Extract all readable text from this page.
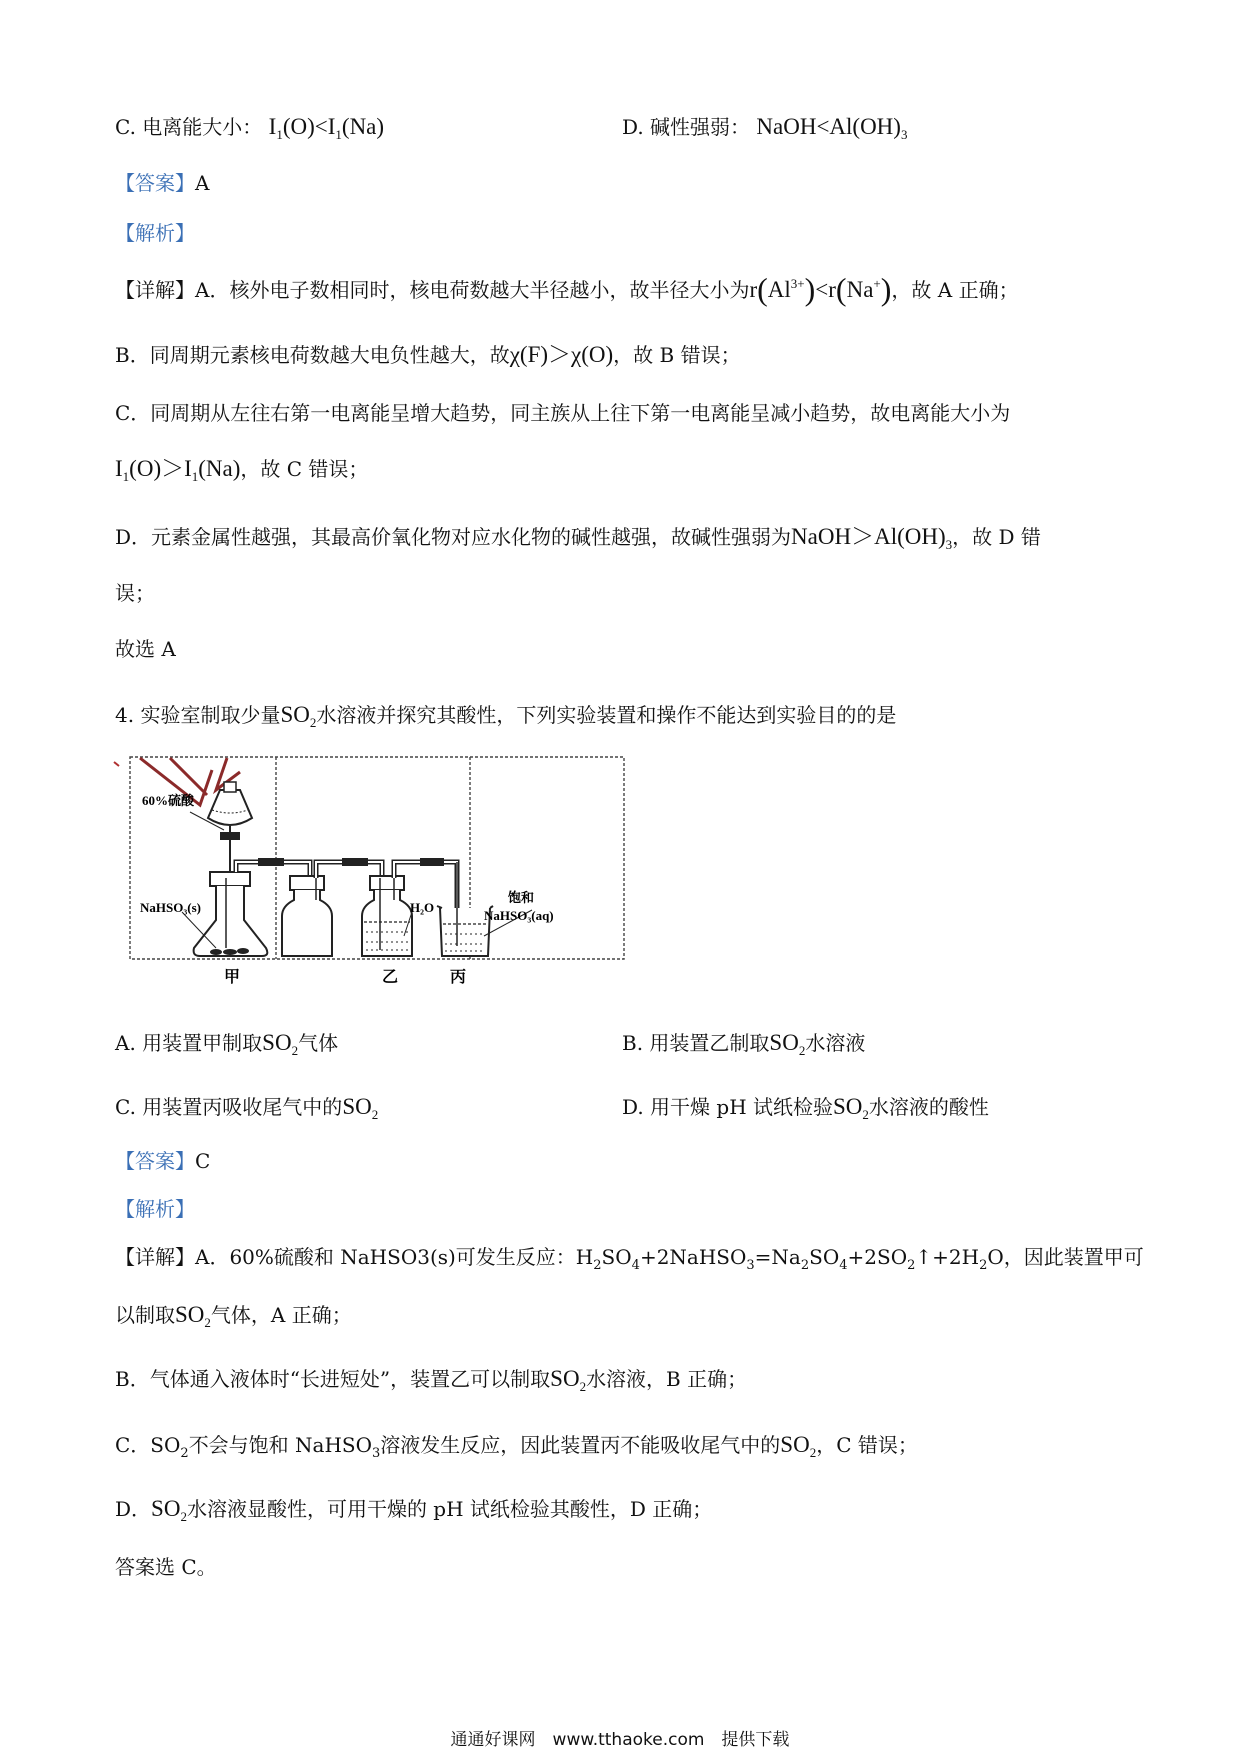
C. 电离能大小： $I_1(O)<I_1(Na)$	D. 碱性强弱： $NaOH<Al(OH)_3$
【答案】A
【解析】
【详解】A．核外电子数相同时，核电荷数越大半径越小，故半径大小为$r(Al^{3+})<r(Na^+)$，故 A 正确；
B．同周期元素核电荷数越大电负性越大，故χ(F)＞χ(O)，故 B 错误；
C．同周期从左往右第一电离能呈增大趋势，同主族从上往下第一电离能呈减小趋势，故电离能大小为
$I_1(O)>I_1(Na)$，故 C 错误；
D．元素金属性越强，其最高价氧化物对应水化物的碱性越强，故碱性强弱为$NaOH>Al(OH)_3$，故 D 错
误；
故选 A
4. 实验室制取少量$SO_2$水溶液并探究其酸性，下列实验装置和操作不能达到实验目的的是
60%硫酸
NaHSO₃(s)	H₂O
饱和
NaHSO₃(aq)
甲	乙	丙
A. 用装置甲制取$SO_2$气体	B. 用装置乙制取$SO_2$水溶液
C. 用装置丙吸收尾气中的$SO_2$	D. 用干燥 pH 试纸检验$SO_2$水溶液的酸性
【答案】C
【解析】
【详解】A．60%硫酸和 NaHSO3(s)可发生反应：$H_2SO_4+2NaHSO_3=Na_2SO_4+2SO_2↑+2H_2O$，因此装置甲可
以制取$SO_2$气体，A 正确；
B．气体通入液体时“长进短处”，装置乙可以制取$SO_2$水溶液，B 正确；
C．$SO_2$不会与饱和 NaHSO$_3$溶液发生反应，因此装置丙不能吸收尾气中的$SO_2$，C 错误；
D．$SO_2$水溶液显酸性，可用干燥的 pH 试纸检验其酸性，D 正确；
答案选 C。
通通好课网　www.tthaoke.com　提供下载
